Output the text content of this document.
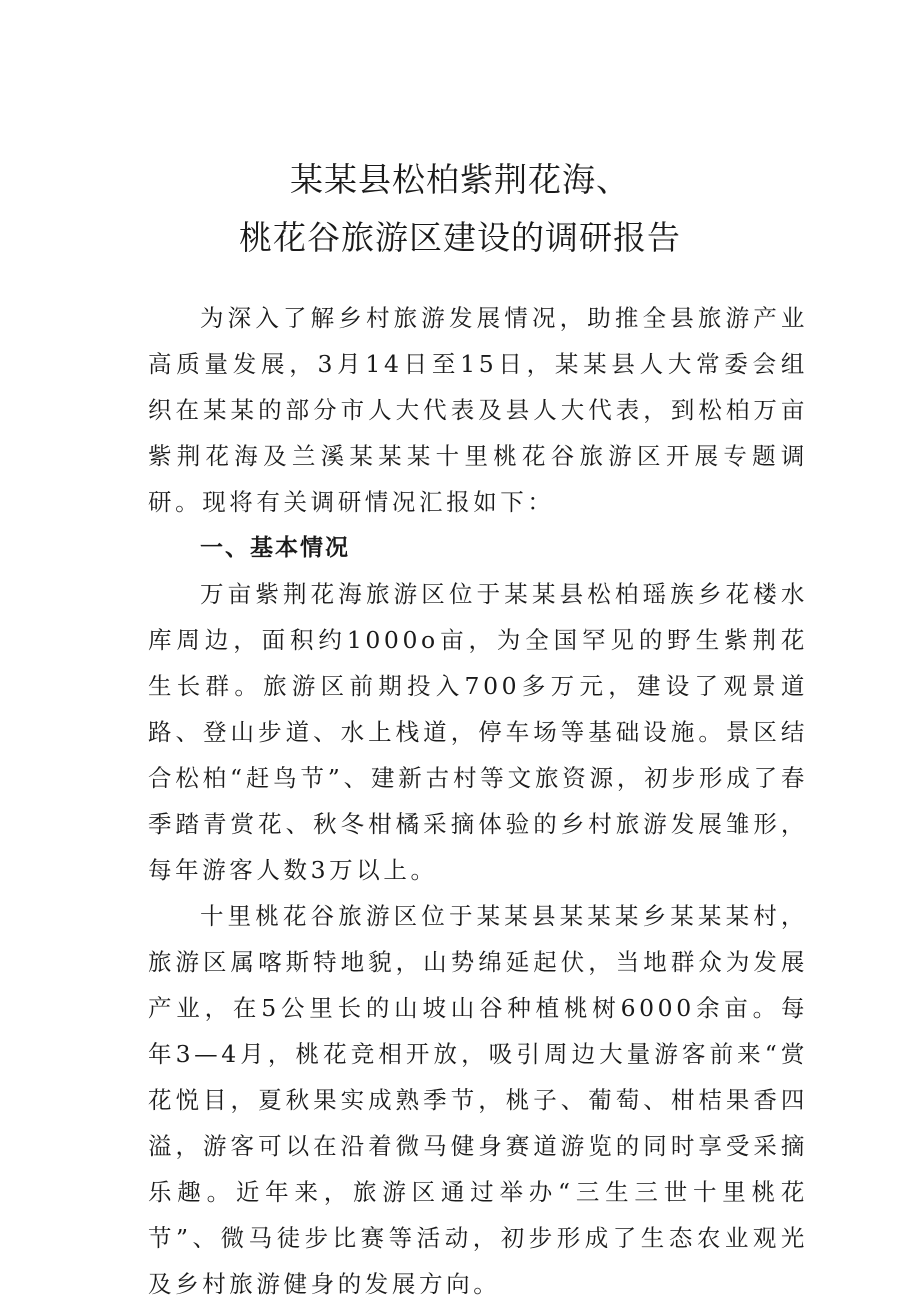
某某县松柏紫荆花海、
桃花谷旅游区建设的调研报告

为深入了解乡村旅游发展情况，助推全县旅游产业高质量发展，3月14日至15日，某某县人大常委会组织在某某的部分市人大代表及县人大代表，到松柏万亩紫荆花海及兰溪某某某十里桃花谷旅游区开展专题调研。现将有关调研情况汇报如下：

一、基本情况

万亩紫荆花海旅游区位于某某县松柏瑶族乡花楼水库周边，面积约1000o亩，为全国罕见的野生紫荆花生长群。旅游区前期投入700多万元，建设了观景道路、登山步道、水上栈道，停车场等基础设施。景区结合松柏“赶鸟节”、建新古村等文旅资源，初步形成了春季踏青赏花、秋冬柑橘采摘体验的乡村旅游发展雏形，每年游客人数3万以上。

十里桃花谷旅游区位于某某县某某某乡某某某村，旅游区属喀斯特地貌，山势绵延起伏，当地群众为发展产业，在5公里长的山坡山谷种植桃树6000余亩。每年3—4月，桃花竞相开放，吸引周边大量游客前来“赏花悦目，夏秋果实成熟季节，桃子、葡萄、柑桔果香四溢，游客可以在沿着微马健身赛道游览的同时享受采摘乐趣。近年来，旅游区通过举办“三生三世十里桃花节”、微马徒步比赛等活动，初步形成了生态农业观光及乡村旅游健身的发展方向。
